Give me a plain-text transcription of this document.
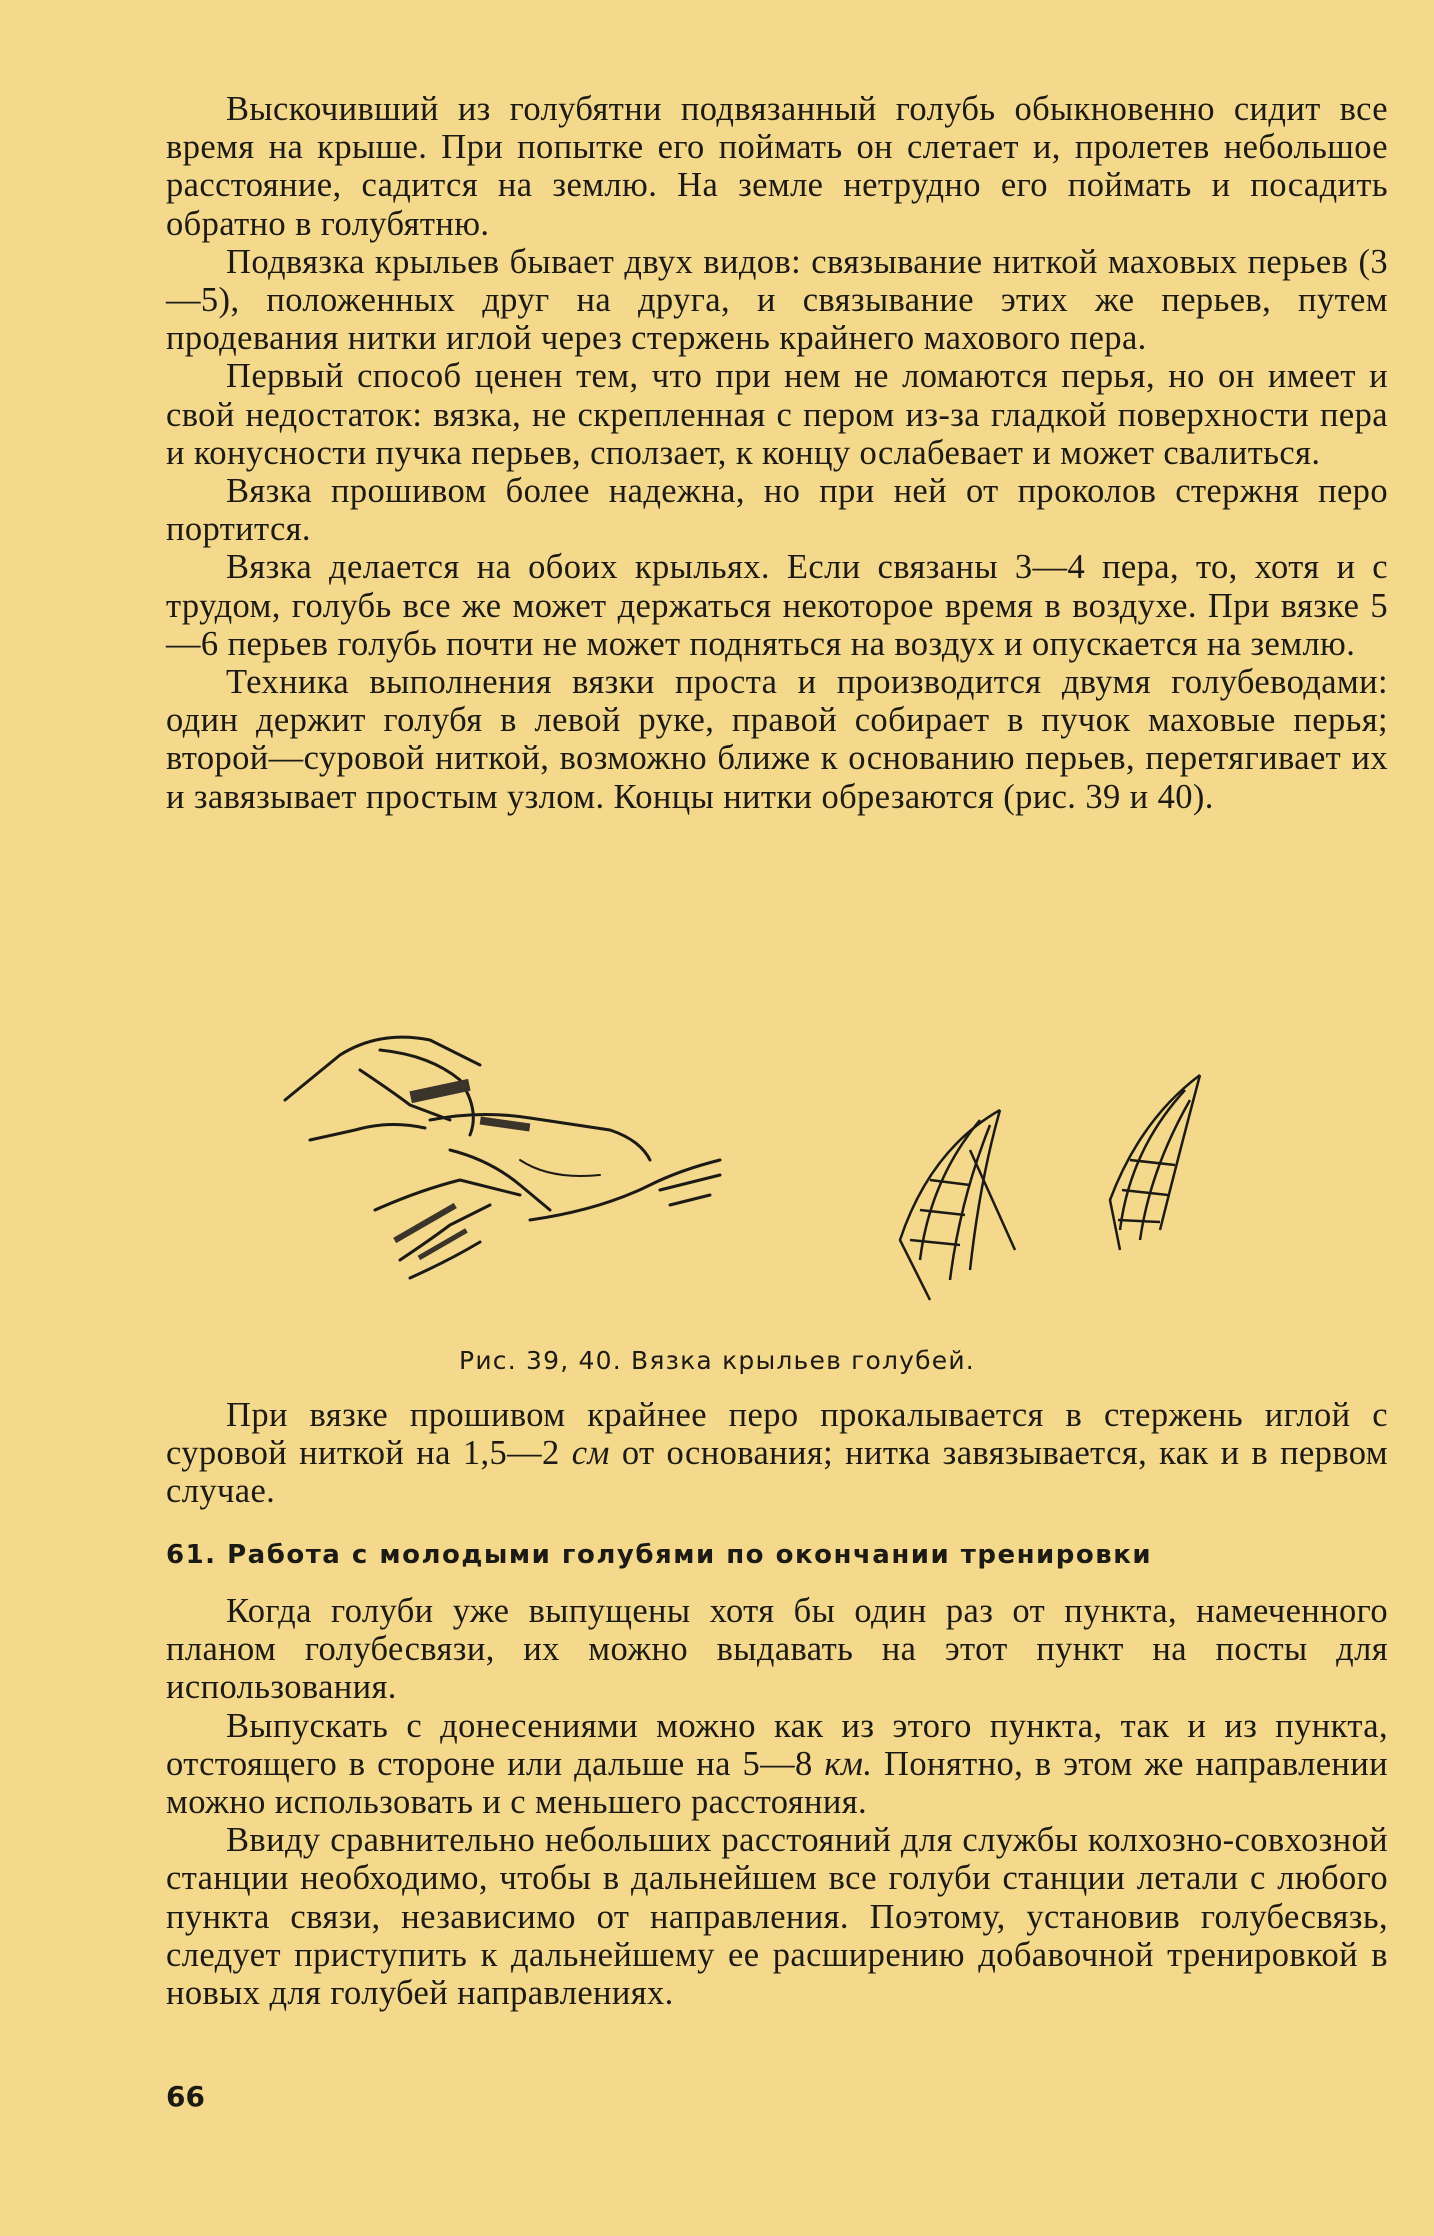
Выскочивший из голубятни подвязанный голубь обыкновенно сидит все время на крыше. При попытке его поймать он слетает и, пролетев небольшое расстояние, садится на землю. На земле нетрудно его поймать и посадить обратно в голубятню.

Подвязка крыльев бывает двух видов: связывание ниткой маховых перьев (3—5), положенных друг на друга, и связывание этих же перьев, путем продевания нитки иглой через стержень крайнего махового пера.

Первый способ ценен тем, что при нем не ломаются перья, но он имеет и свой недостаток: вязка, не скрепленная с пером из-за гладкой поверхности пера и конусности пучка перьев, сползает, к концу ослабевает и может свалиться.

Вязка прошивом более надежна, но при ней от проколов стержня перо портится.

Вязка делается на обоих крыльях. Если связаны 3—4 пера, то, хотя и с трудом, голубь все же может держаться некоторое время в воздухе. При вязке 5—6 перьев голубь почти не может подняться на воздух и опускается на землю.

Техника выполнения вязки проста и производится двумя голубеводами: один держит голубя в левой руке, правой собирает в пучок маховые перья; второй—суровой ниткой, возможно ближе к основанию перьев, перетягивает их и завязывает простым узлом. Концы нитки обрезаются (рис. 39 и 40).

Рис. 39, 40. Вязка крыльев голубей.

При вязке прошивом крайнее перо прокалывается в стержень иглой с суровой ниткой на 1,5—2 см от основания; нитка завязывается, как и в первом случае.

61. Работа с молодыми голубями по окончании тренировки

Когда голуби уже выпущены хотя бы один раз от пункта, намеченного планом голубесвязи, их можно выдавать на этот пункт на посты для использования.

Выпускать с донесениями можно как из этого пункта, так и из пункта, отстоящего в стороне или дальше на 5—8 км. Понятно, в этом же направлении можно использовать и с меньшего расстояния.

Ввиду сравнительно небольших расстояний для службы колхозно-совхозной станции необходимо, чтобы в дальнейшем все голуби станции летали с любого пункта связи, независимо от направления. Поэтому, установив голубесвязь, следует приступить к дальнейшему ее расширению добавочной тренировкой в новых для голубей направлениях.

66
